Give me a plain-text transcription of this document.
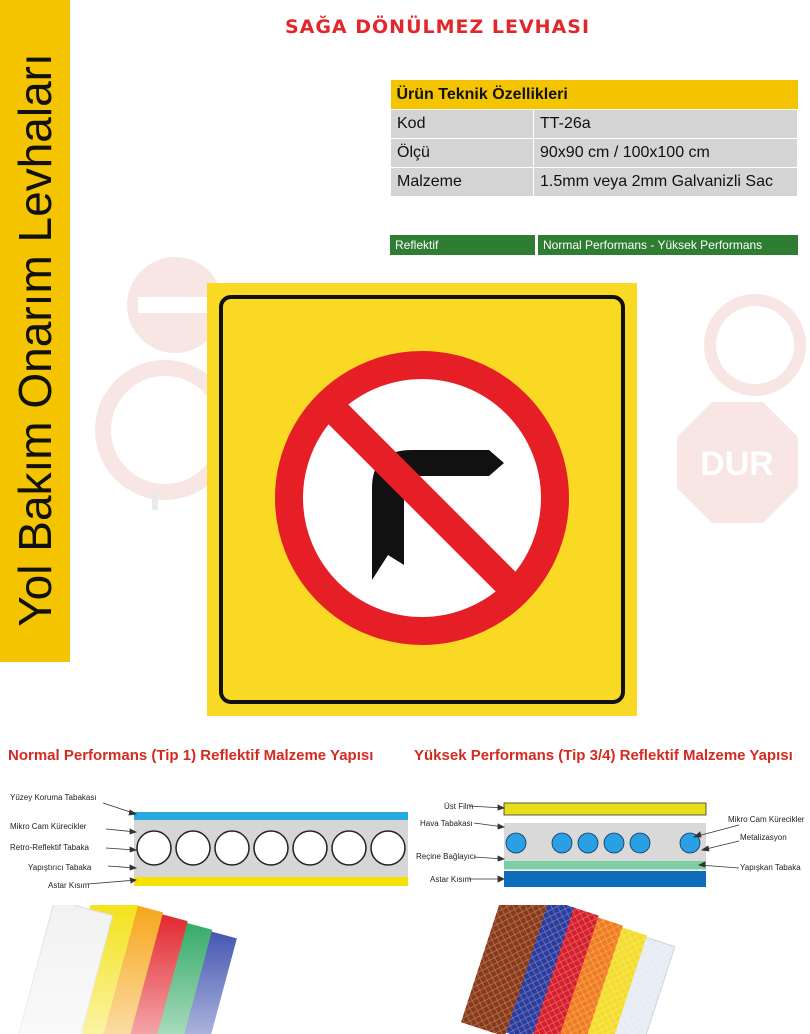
Yol Bakım Onarım Levhaları
SAĞA DÖNÜLMEZ LEVHASI
Ürün Teknik Özellikleri	
Kod	TT-26a
Ölçü	90x90 cm / 100x100 cm
Malzeme	1.5mm veya 2mm Galvanizli Sac
Reflektif	Normal Performans - Yüksek Performans
DUR
Normal Performans (Tip 1) Reflektif Malzeme Yapısı	Yüksek Performans (Tip 3/4) Reflektif Malzeme Yapısı
Yüzey Koruma Tabakası
Mikro Cam Kürecikler
Retro-Reflektif Tabaka
Yapıştırıcı Tabaka
Astar Kısım
Üst Film
Hava Tabakası
Reçine Bağlayıcı
Astar Kısım
Mikro Cam Kürecikler
Metalizasyon
Yapışkan Tabaka
